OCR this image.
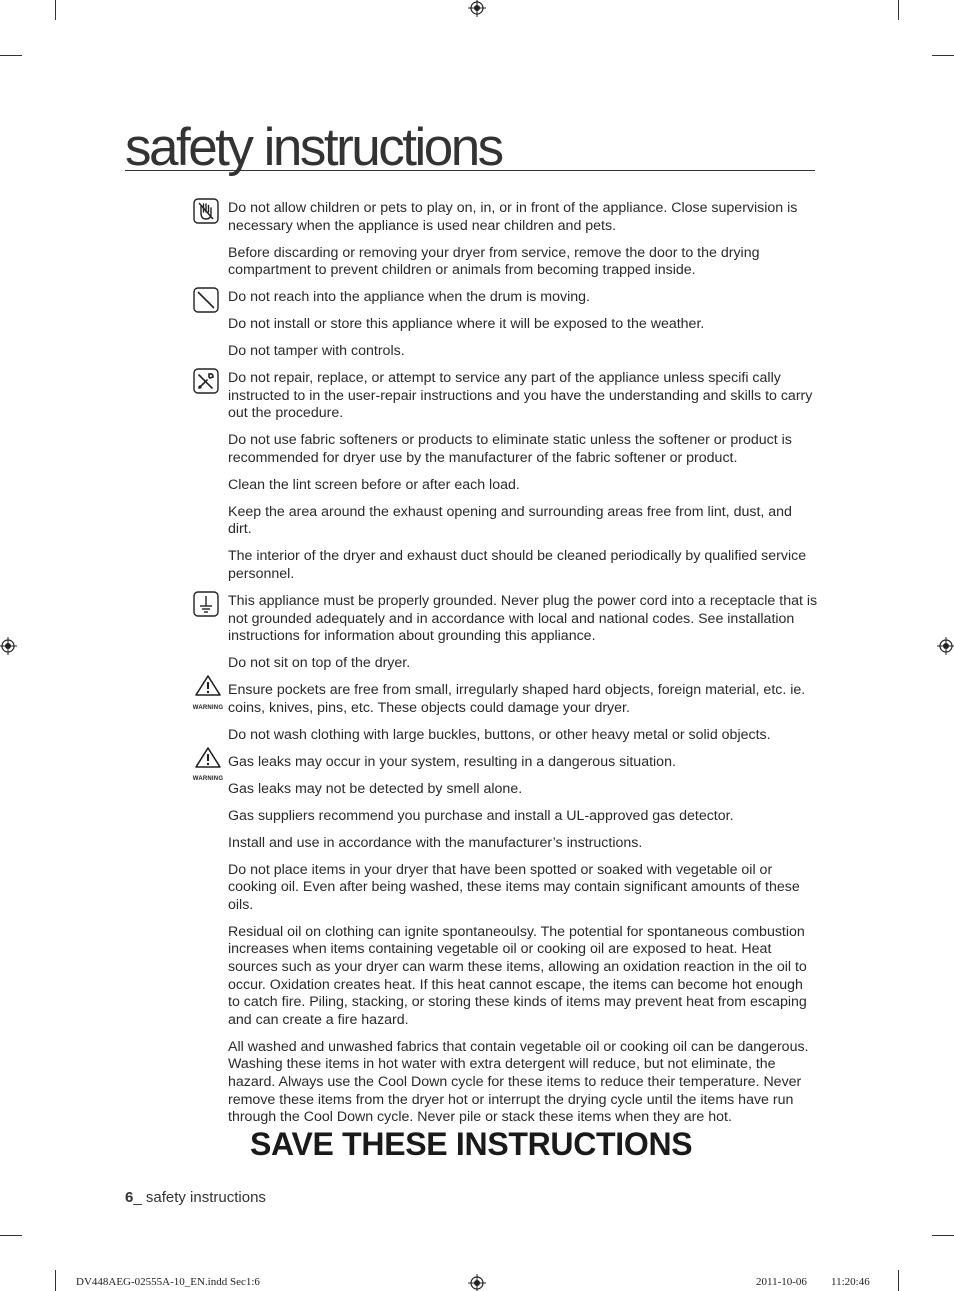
safety instructions
Do not allow children or pets to play on, in, or in front of the appliance. Close supervision is necessary when the appliance is used near children and pets.
Before discarding or removing your dryer from service, remove the door to the drying compartment to prevent children or animals from becoming trapped inside.
Do not reach into the appliance when the drum is moving.
Do not install or store this appliance where it will be exposed to the weather.
Do not tamper with controls.
Do not repair, replace, or attempt to service any part of the appliance unless specifi cally instructed to in the user-repair instructions and you have the understanding and skills to carry out the procedure.
Do not use fabric softeners or products to eliminate static unless the softener or product is recommended for dryer use by the manufacturer of the fabric softener or product.
Clean the lint screen before or after each load.
Keep the area around the exhaust opening and surrounding areas free from lint, dust, and dirt.
The interior of the dryer and exhaust duct should be cleaned periodically by qualified service personnel.
This appliance must be properly grounded. Never plug the power cord into a receptacle that is not grounded adequately and in accordance with local and national codes. See installation instructions for information about grounding this appliance.
Do not sit on top of the dryer.
WARNING
Ensure pockets are free from small, irregularly shaped hard objects, foreign material, etc. ie. coins, knives, pins, etc. These objects could damage your dryer.
Do not wash clothing with large buckles, buttons, or other heavy metal or solid objects.
WARNING
Gas leaks may occur in your system, resulting in a dangerous situation.
Gas leaks may not be detected by smell alone.
Gas suppliers recommend you purchase and install a UL-approved gas detector.
Install and use in accordance with the manufacturer’s instructions.
Do not place items in your dryer that have been spotted or soaked with vegetable oil or cooking oil. Even after being washed, these items may contain significant amounts of these oils.
Residual oil on clothing can ignite spontaneoulsy. The potential for spontaneous combustion increases when items containing vegetable oil or cooking oil are exposed to heat. Heat sources such as your dryer can warm these items, allowing an oxidation reaction in the oil to occur. Oxidation creates heat. If this heat cannot escape, the items can become hot enough to catch fire. Piling, stacking, or storing these kinds of items may prevent heat from escaping and can create a fire hazard.
All washed and unwashed fabrics that contain vegetable oil or cooking oil can be dangerous. Washing these items in hot water with extra detergent will reduce, but not eliminate, the hazard. Always use the Cool Down cycle for these items to reduce their temperature. Never remove these items from the dryer hot or interrupt the drying cycle until the items have run through the Cool Down cycle. Never pile or stack these items when they are hot.
SAVE THESE INSTRUCTIONS
6_ safety instructions
DV448AEG-02555A-10_EN.indd Sec1:6	2011-10-06 11:20:46
